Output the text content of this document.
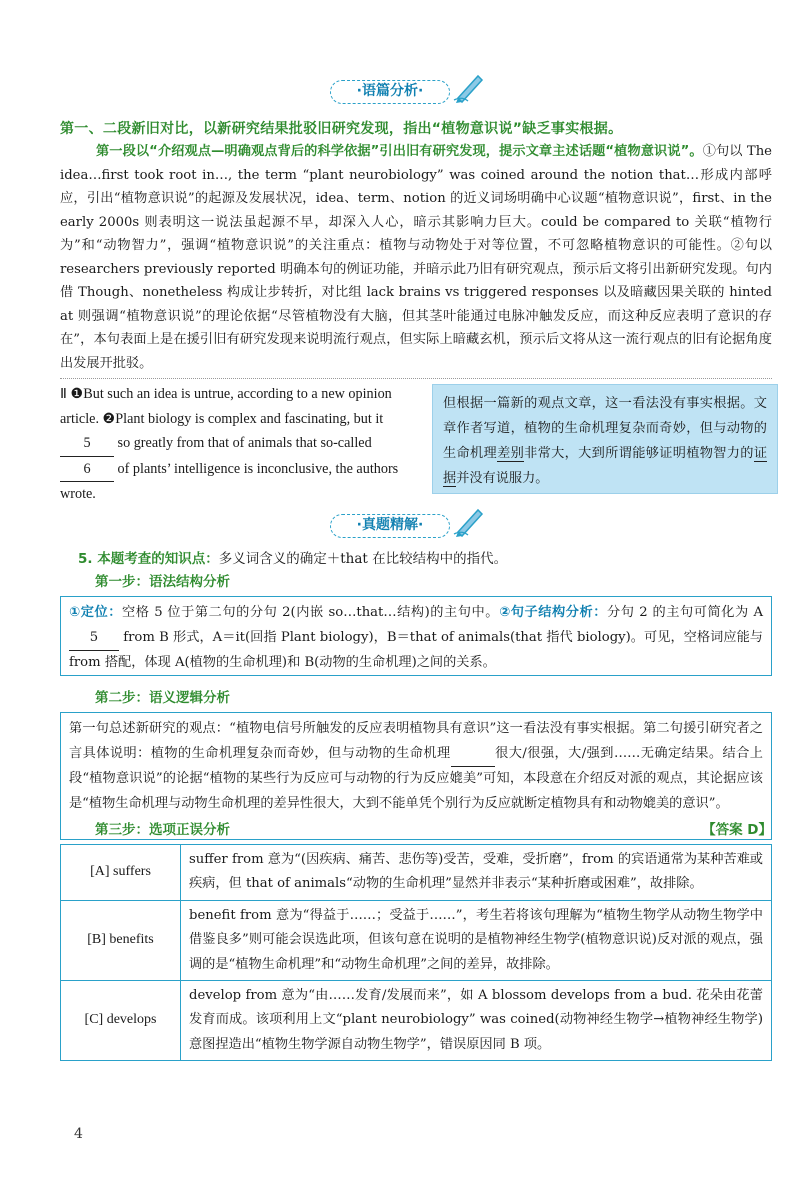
·语篇分析·
第一、二段新旧对比，以新研究结果批驳旧研究发现，指出“植物意识说”缺乏事实根据。
第一段以“介绍观点—明确观点背后的科学依据”引出旧有研究发现，提示文章主述话题“植物意识说”。①句以 The idea…first took root in…, the term “plant neurobiology” was coined around the notion that…形成内部呼应，引出“植物意识说”的起源及发展状况，idea、term、notion 的近义词场明确中心议题“植物意识说”，first、in the early 2000s 则表明这一说法虽起源不早，却深入人心，暗示其影响力巨大。could be compared to 关联“植物行为”和“动物智力”，强调“植物意识说”的关注重点：植物与动物处于对等位置，不可忽略植物意识的可能性。②句以 researchers previously reported 明确本句的例证功能，并暗示此乃旧有研究观点，预示后文将引出新研究发现。句内借 Though、nonetheless 构成让步转折，对比组 lack brains vs triggered responses 以及暗藏因果关联的 hinted at 则强调“植物意识说”的理论依据“尽管植物没有大脑，但其茎叶能通过电脉冲触发反应，而这种反应表明了意识的存在”，本句表面上是在援引旧有研究发现来说明流行观点，但实际上暗藏玄机，预示后文将从这一流行观点的旧有论据角度出发展开批驳。
Ⅱ ❶But such an idea is untrue, according to a new opinion article. ❷Plant biology is complex and fascinating, but it 5 so greatly from that of animals that so-called 6 of plants’ intelligence is inconclusive, the authors wrote.
但根据一篇新的观点文章，这一看法没有事实根据。文章作者写道，植物的生命机理复杂而奇妙，但与动物的生命机理差别非常大，大到所谓能够证明植物智力的证据并没有说服力。
·真题精解·
5. 本题考查的知识点：多义词含义的确定＋that 在比较结构中的指代。
第一步：语法结构分析
①定位：空格 5 位于第二句的分句 2(内嵌 so…that…结构)的主句中。②句子结构分析：分句 2 的主句可简化为 A 5 from B 形式，A＝it(回指 Plant biology)，B＝that of animals(that 指代 biology)。可见，空格词应能与 from 搭配，体现 A(植物的生命机理)和 B(动物的生命机理)之间的关系。
第二步：语义逻辑分析
第一句总述新研究的观点：“植物电信号所触发的反应表明植物具有意识”这一看法没有事实根据。第二句援引研究者之言具体说明：植物的生命机理复杂而奇妙，但与动物的生命机理	很大/很强，大/强到……无确定结果。结合上段“植物意识说”的论据“植物的某些行为反应可与动物的行为反应媲美”可知，本段意在介绍反对派的观点，其论据应该是“植物生命机理与动物生命机理的差异性很大，大到不能单凭个别行为反应就断定植物具有和动物媲美的意识”。
第三步：选项正误分析	【答案 D】
[A] suffers	suffer from 意为“(因疾病、痛苦、悲伤等)受苦，受难，受折磨”，from 的宾语通常为某种苦难或疾病，但 that of animals“动物的生命机理”显然并非表示“某种折磨或困难”，故排除。
[B] benefits	benefit from 意为“得益于……；受益于……”，考生若将该句理解为“植物生物学从动物生物学中借鉴良多”则可能会误选此项，但该句意在说明的是植物神经生物学(植物意识说)反对派的观点，强调的是“植物生命机理”和“动物生命机理”之间的差异，故排除。
[C] develops	develop from 意为“由……发育/发展而来”，如 A blossom develops from a bud. 花朵由花蕾发育而成。该项利用上文“plant neurobiology” was coined(动物神经生物学→植物神经生物学)意图捏造出“植物生物学源自动物生物学”，错误原因同 B 项。
4
